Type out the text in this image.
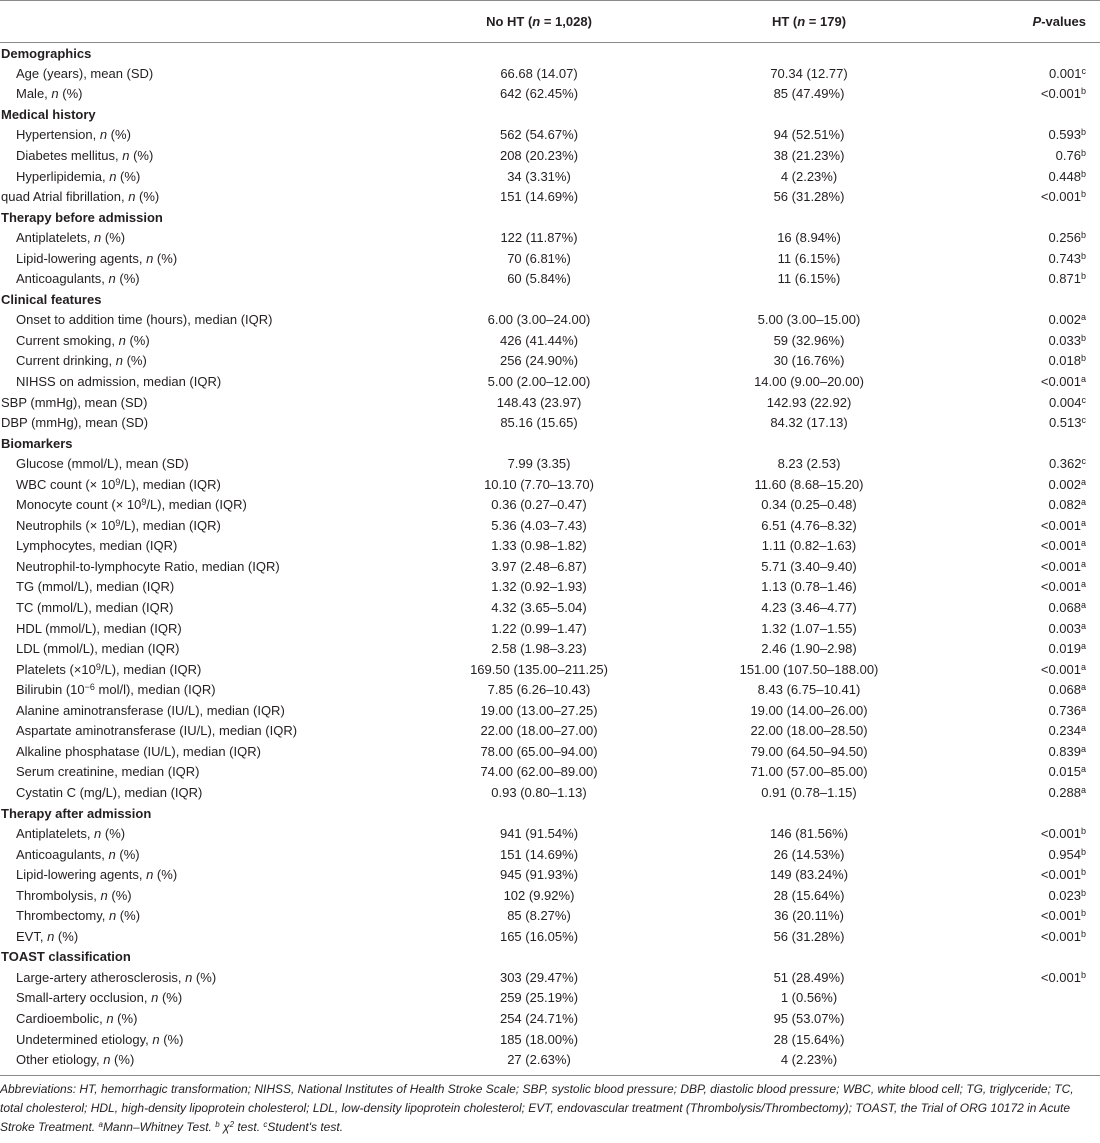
	No HT (n = 1,028)	HT (n = 179)	P-values
Demographics			
Age (years), mean (SD)	66.68 (14.07)	70.34 (12.77)	0.001$^c$
Male, n (%)	642 (62.45%)	85 (47.49%)	<0.001$^b$
Medical history			
Hypertension, n (%)	562 (54.67%)	94 (52.51%)	0.593$^b$
Diabetes mellitus, n (%)	208 (20.23%)	38 (21.23%)	0.76$^b$
Hyperlipidemia, n (%)	34 (3.31%)	4 (2.23%)	0.448$^b$
quad Atrial fibrillation, n (%)	151 (14.69%)	56 (31.28%)	<0.001$^b$
Therapy before admission			
Antiplatelets, n (%)	122 (11.87%)	16 (8.94%)	0.256$^b$
Lipid-lowering agents, n (%)	70 (6.81%)	11 (6.15%)	0.743$^b$
Anticoagulants, n (%)	60 (5.84%)	11 (6.15%)	0.871$^b$
Clinical features			
Onset to addition time (hours), median (IQR)	6.00 (3.00–24.00)	5.00 (3.00–15.00)	0.002$^a$
Current smoking, n (%)	426 (41.44%)	59 (32.96%)	0.033$^b$
Current drinking, n (%)	256 (24.90%)	30 (16.76%)	0.018$^b$
NIHSS on admission, median (IQR)	5.00 (2.00–12.00)	14.00 (9.00–20.00)	<0.001$^a$
SBP (mmHg), mean (SD)	148.43 (23.97)	142.93 (22.92)	0.004$^c$
DBP (mmHg), mean (SD)	85.16 (15.65)	84.32 (17.13)	0.513$^c$
Biomarkers			
Glucose (mmol/L), mean (SD)	7.99 (3.35)	8.23 (2.53)	0.362$^c$
WBC count (× $10^9/L$), median (IQR)	10.10 (7.70–13.70)	11.60 (8.68–15.20)	0.002$^a$
Monocyte count (× $10^9/L$), median (IQR)	0.36 (0.27–0.47)	0.34 (0.25–0.48)	0.082$^a$
Neutrophils (× $10^9/L$), median (IQR)	5.36 (4.03–7.43)	6.51 (4.76–8.32)	<0.001$^a$
Lymphocytes, median (IQR)	1.33 (0.98–1.82)	1.11 (0.82–1.63)	<0.001$^a$
Neutrophil-to-lymphocyte Ratio, median (IQR)	3.97 (2.48–6.87)	5.71 (3.40–9.40)	<0.001$^a$
TG (mmol/L), median (IQR)	1.32 (0.92–1.93)	1.13 (0.78–1.46)	<0.001$^a$
TC (mmol/L), median (IQR)	4.32 (3.65–5.04)	4.23 (3.46–4.77)	0.068$^a$
HDL (mmol/L), median (IQR)	1.22 (0.99–1.47)	1.32 (1.07–1.55)	0.003$^a$
LDL (mmol/L), median (IQR)	2.58 (1.98–3.23)	2.46 (1.90–2.98)	0.019$^a$
Platelets $(\times 10^9/L)$, median (IQR)	169.50 (135.00–211.25)	151.00 (107.50–188.00)	<0.001$^a$
Bilirubin ($10^{-6}$ mol/l), median (IQR)	7.85 (6.26–10.43)	8.43 (6.75–10.41)	0.068$^a$
Alanine aminotransferase (IU/L), median (IQR)	19.00 (13.00–27.25)	19.00 (14.00–26.00)	0.736$^a$
Aspartate aminotransferase (IU/L), median (IQR)	22.00 (18.00–27.00)	22.00 (18.00–28.50)	0.234$^a$
Alkaline phosphatase (IU/L), median (IQR)	78.00 (65.00–94.00)	79.00 (64.50–94.50)	0.839$^a$
Serum creatinine, median (IQR)	74.00 (62.00–89.00)	71.00 (57.00–85.00)	0.015$^a$
Cystatin C (mg/L), median (IQR)	0.93 (0.80–1.13)	0.91 (0.78–1.15)	0.288$^a$
Therapy after admission			
Antiplatelets, n (%)	941 (91.54%)	146 (81.56%)	<0.001$^b$
Anticoagulants, n (%)	151 (14.69%)	26 (14.53%)	0.954$^b$
Lipid-lowering agents, n (%)	945 (91.93%)	149 (83.24%)	<0.001$^b$
Thrombolysis, n (%)	102 (9.92%)	28 (15.64%)	0.023$^b$
Thrombectomy, n (%)	85 (8.27%)	36 (20.11%)	<0.001$^b$
EVT, n (%)	165 (16.05%)	56 (31.28%)	<0.001$^b$
TOAST classification			
Large-artery atherosclerosis, n (%)	303 (29.47%)	51 (28.49%)	<0.001$^b$
Small-artery occlusion, n (%)	259 (25.19%)	1 (0.56%)	
Cardioembolic, n (%)	254 (24.71%)	95 (53.07%)	
Undetermined etiology, n (%)	185 (18.00%)	28 (15.64%)	
Other etiology, n (%)	27 (2.63%)	4 (2.23%)	
Abbreviations: HT, hemorrhagic transformation; NIHSS, National Institutes of Health Stroke Scale; SBP, systolic blood pressure; DBP, diastolic blood pressure; WBC, white blood cell; TG, triglyceride; TC, total cholesterol; HDL, high-density lipoprotein cholesterol; LDL, low-density lipoprotein cholesterol; EVT, endovascular treatment (Thrombolysis/Thrombectomy); TOAST, the Trial of ORG 10172 in Acute Stroke Treatment. $^a$Mann–Whitney Test. $^b$ $\chi^2$ test. $^c$Student's test.
